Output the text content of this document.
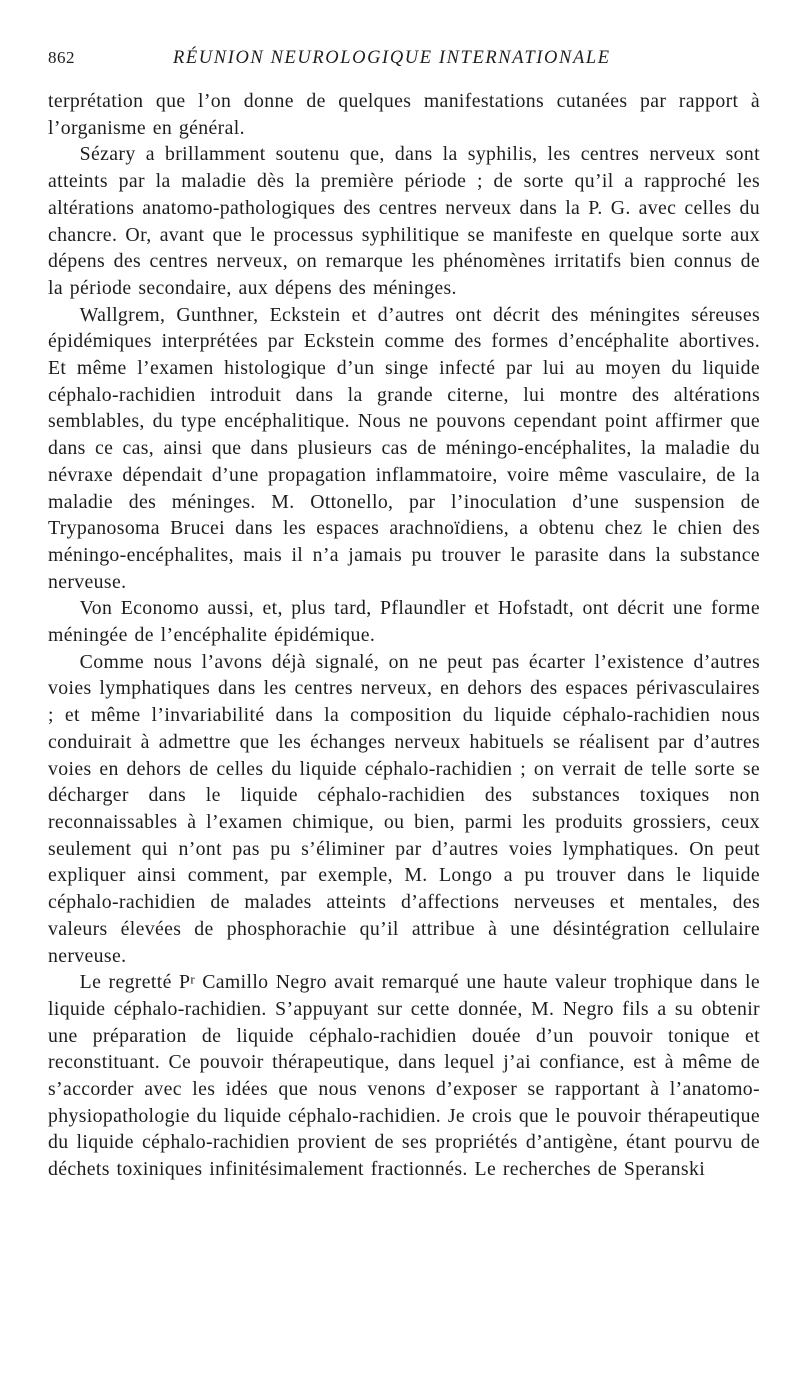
862	RÉUNION NEUROLOGIQUE INTERNATIONALE

terprétation que l’on donne de quelques manifestations cutanées par rapport à l’organisme en général.

Sézary a brillamment soutenu que, dans la syphilis, les centres nerveux sont atteints par la maladie dès la première période ; de sorte qu’il a rapproché les altérations anatomo-pathologiques des centres nerveux dans la P. G. avec celles du chancre. Or, avant que le processus syphilitique se manifeste en quelque sorte aux dépens des centres nerveux, on remarque les phénomènes irritatifs bien connus de la période secondaire, aux dépens des méninges.

Wallgrem, Gunthner, Eckstein et d’autres ont décrit des méningites séreuses épidémiques interprétées par Eckstein comme des formes d’encéphalite abortives. Et même l’examen histologique d’un singe infecté par lui au moyen du liquide céphalo-rachidien introduit dans la grande citerne, lui montre des altérations semblables, du type encéphalitique. Nous ne pouvons cependant point affirmer que dans ce cas, ainsi que dans plusieurs cas de méningo-encéphalites, la maladie du névraxe dépendait d’une propagation inflammatoire, voire même vasculaire, de la maladie des méninges. M. Ottonello, par l’inoculation d’une suspension de Trypanosoma Brucei dans les espaces arachnoïdiens, a obtenu chez le chien des méningo-encéphalites, mais il n’a jamais pu trouver le parasite dans la substance nerveuse.

Von Economo aussi, et, plus tard, Pflaundler et Hofstadt, ont décrit une forme méningée de l’encéphalite épidémique.

Comme nous l’avons déjà signalé, on ne peut pas écarter l’existence d’autres voies lymphatiques dans les centres nerveux, en dehors des espaces périvasculaires ; et même l’invariabilité dans la composition du liquide céphalo-rachidien nous conduirait à admettre que les échanges nerveux habituels se réalisent par d’autres voies en dehors de celles du liquide céphalo-rachidien ; on verrait de telle sorte se décharger dans le liquide céphalo-rachidien des substances toxiques non reconnaissables à l’examen chimique, ou bien, parmi les produits grossiers, ceux seulement qui n’ont pas pu s’éliminer par d’autres voies lymphatiques. On peut expliquer ainsi comment, par exemple, M. Longo a pu trouver dans le liquide céphalo-rachidien de malades atteints d’affections nerveuses et mentales, des valeurs élevées de phosphorachie qu’il attribue à une désintégration cellulaire nerveuse.

Le regretté $P^r$ Camillo Negro avait remarqué une haute valeur trophique dans le liquide céphalo-rachidien. S’appuyant sur cette donnée, M. Negro fils a su obtenir une préparation de liquide céphalo-rachidien douée d’un pouvoir tonique et reconstituant. Ce pouvoir thérapeutique, dans lequel j’ai confiance, est à même de s’accorder avec les idées que nous venons d’exposer se rapportant à l’anatomo-physiopathologie du liquide céphalo-rachidien. Je crois que le pouvoir thérapeutique du liquide céphalo-rachidien provient de ses propriétés d’antigène, étant pourvu de déchets toxiniques infinitésimalement fractionnés. Le recherches de Speranski
